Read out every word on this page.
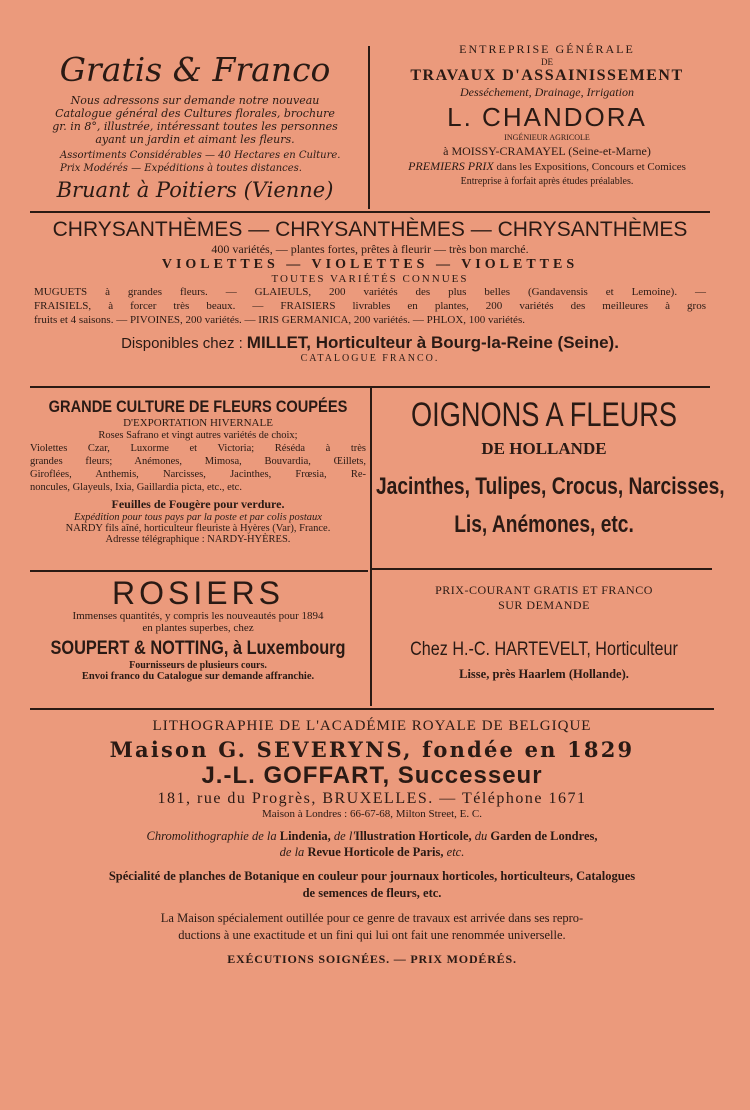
Gratis & Franco

Nous adressons sur demande notre nouveau

Catalogue général des Cultures florales, brochure

gr. in 8°, illustrée, intéressant toutes les personnes

ayant un jardin et aimant les fleurs.

Assortiments Considérables — 40 Hectares en Culture.
Prix Modérés — Expéditions à toutes distances.
Bruant à Poitiers (Vienne)
ENTREPRISE GÉNÉRALE
DE
TRAVAUX D'ASSAINISSEMENT
Desséchement, Drainage, Irrigation
L. CHANDORA
INGÉNIEUR AGRICOLE
à MOISSY-CRAMAYEL (Seine-et-Marne)
PREMIERS PRIX dans les Expositions, Concours et Comices
Entreprise à forfait après études préalables.
CHRYSANTHÈMES — CHRYSANTHÈMES — CHRYSANTHÈMES
400 variétés, — plantes fortes, prêtes à fleurir — très bon marché.
VIOLETTES — VIOLETTES — VIOLETTES
TOUTES VARIÉTÉS CONNUES

MUGUETS à grandes fleurs. — GLAIEULS, 200 variétés des plus belles (Gandavensis et Lemoine). —

FRAISIELS, à forcer très beaux. — FRAISIERS livrables en plantes, 200 variétés des meilleures à gros

fruits et 4 saisons. — PIVOINES, 200 variétés. — IRIS GERMANICA, 200 variétés. — PHLOX, 100 variétés.

Disponibles chez : MILLET, Horticulteur à Bourg-la-Reine (Seine).
CATALOGUE FRANCO.
GRANDE CULTURE DE FLEURS COUPÉES
D'EXPORTATION HIVERNALE

Roses Safrano et vingt autres variétés de choix;

Violettes Czar, Luxorme et Victoria; Réséda à très

grandes fleurs; Anémones, Mimosa, Bouvardia, Œillets,

Giroflées, Anthemis, Narcisses, Jacinthes, Frœsia, Re-

noncules, Glayeuls, Ixia, Gaillardia picta, etc., etc.

Feuilles de Fougère pour verdure.
Expédition pour tous pays par la poste et par colis postaux
NARDY fils aîné, horticulteur fleuriste à Hyères (Var), France.
Adresse télégraphique : NARDY-HYÈRES.
ROSIERS
Immenses quantités, y compris les nouveautés pour 1894
en plantes superbes, chez
SOUPERT & NOTTING, à Luxembourg
Fournisseurs de plusieurs cours.
Envoi franco du Catalogue sur demande affranchie.
OIGNONS A FLEURS
DE HOLLANDE
Jacinthes, Tulipes, Crocus, Narcisses,
Lis, Anémones, etc.
PRIX-COURANT GRATIS ET FRANCO
SUR DEMANDE
Chez H.-C. HARTEVELT, Horticulteur
Lisse, près Haarlem (Hollande).
LITHOGRAPHIE DE L'ACADÉMIE ROYALE DE BELGIQUE
Maison G. SEVERYNS, fondée en 1829
J.-L. GOFFART, Successeur
181, rue du Progrès, BRUXELLES. — Téléphone 1671
Maison à Londres : 66-67-68, Milton Street, E. C.
Chromolithographie de la Lindenia, de l'Illustration Horticole, du Garden de Londres,
de la Revue Horticole de Paris, etc.

Spécialité de planches de Botanique en couleur pour journaux horticoles, horticulteurs, Catalogues

de semences de fleurs, etc.

La Maison spécialement outillée pour ce genre de travaux est arrivée dans ses repro-

ductions à une exactitude et un fini qui lui ont fait une renommée universelle.

EXÉCUTIONS SOIGNÉES. — PRIX MODÉRÉS.
